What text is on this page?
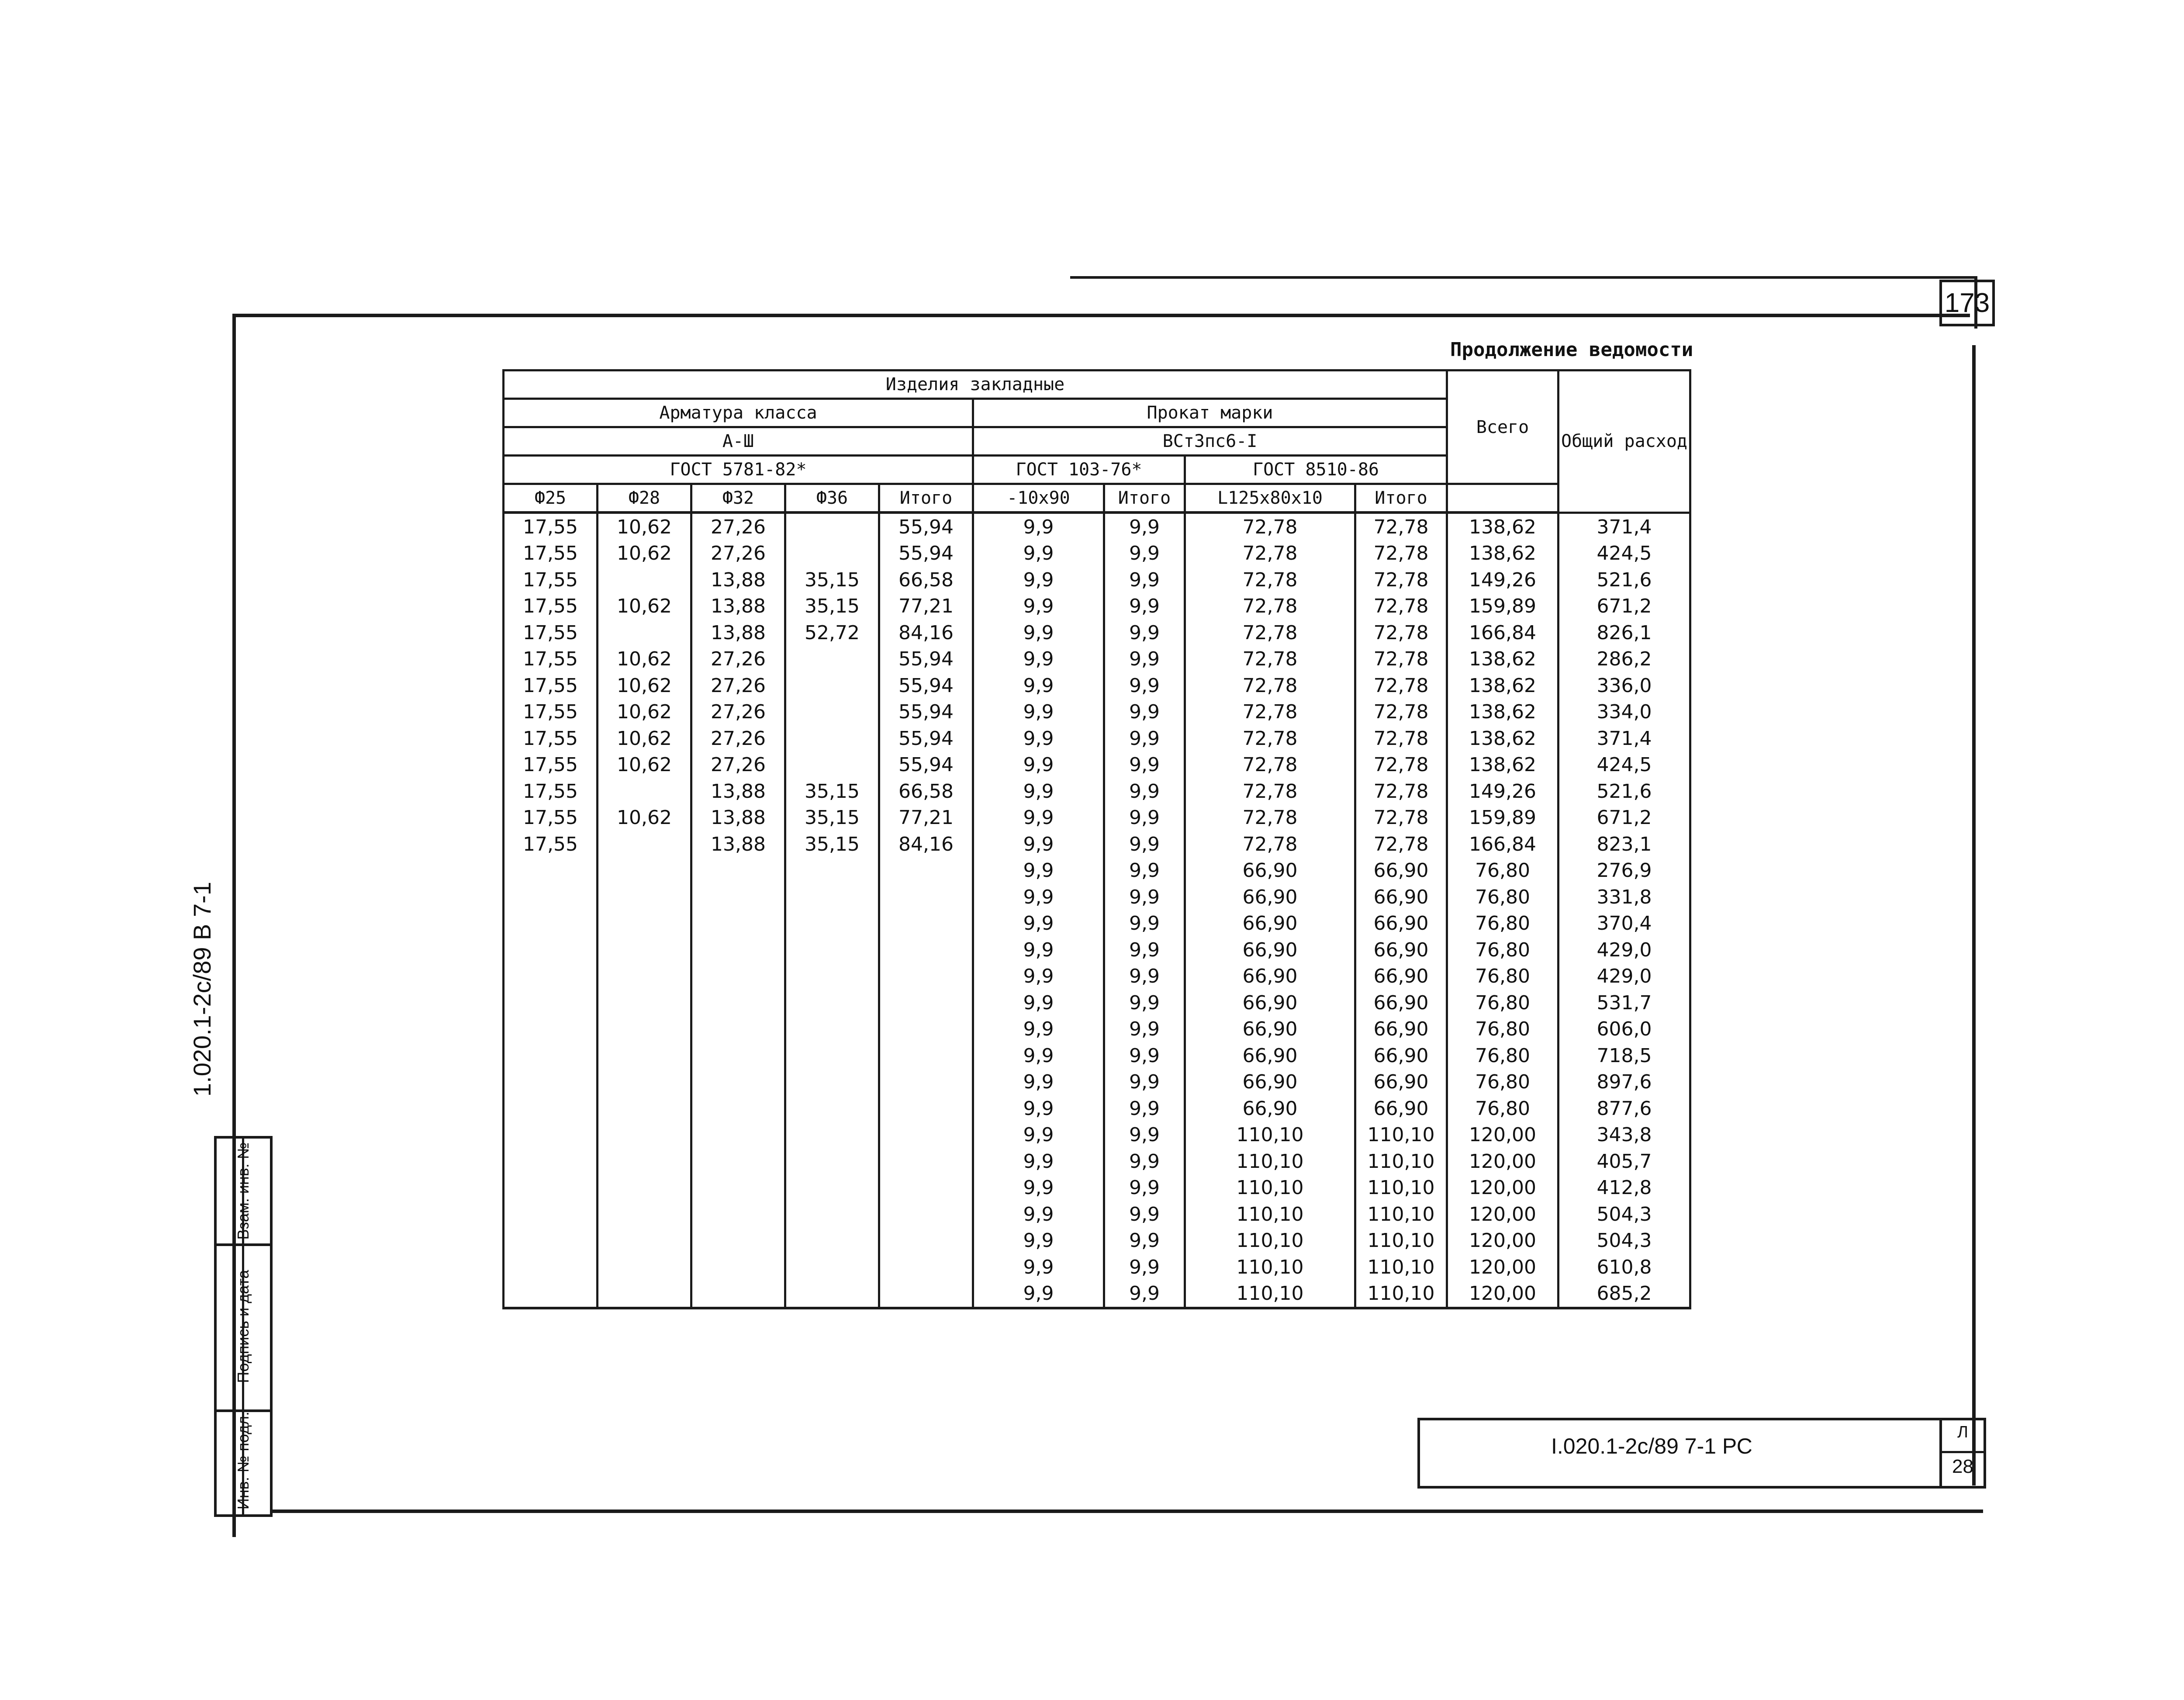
173
1.020.1-2с/89 В 7-1
Взам. инв. №
Подпись и дата
Инв. № подл.
Продолжение ведомости
Изделия закладные									Всего	Общий расход
Арматура класса					Прокат марки					
А-Ш					ВСт3пс6-I					
ГОСТ 5781-82*					ГОСТ 103-76*		ГОСТ 8510-86			
Ф25	Ф28	Ф32	Ф36	Итого	-10x90	Итого	L125x80x10	Итого		
17,55	10,62	27,26		55,94	9,9	9,9	72,78	72,78	138,62	371,4
17,55	10,62	27,26		55,94	9,9	9,9	72,78	72,78	138,62	424,5
17,55		13,88	35,15	66,58	9,9	9,9	72,78	72,78	149,26	521,6
17,55	10,62	13,88	35,15	77,21	9,9	9,9	72,78	72,78	159,89	671,2
17,55		13,88	52,72	84,16	9,9	9,9	72,78	72,78	166,84	826,1
17,55	10,62	27,26		55,94	9,9	9,9	72,78	72,78	138,62	286,2
17,55	10,62	27,26		55,94	9,9	9,9	72,78	72,78	138,62	336,0
17,55	10,62	27,26		55,94	9,9	9,9	72,78	72,78	138,62	334,0
17,55	10,62	27,26		55,94	9,9	9,9	72,78	72,78	138,62	371,4
17,55	10,62	27,26		55,94	9,9	9,9	72,78	72,78	138,62	424,5
17,55		13,88	35,15	66,58	9,9	9,9	72,78	72,78	149,26	521,6
17,55	10,62	13,88	35,15	77,21	9,9	9,9	72,78	72,78	159,89	671,2
17,55		13,88	35,15	84,16	9,9	9,9	72,78	72,78	166,84	823,1
					9,9	9,9	66,90	66,90	76,80	276,9
					9,9	9,9	66,90	66,90	76,80	331,8
					9,9	9,9	66,90	66,90	76,80	370,4
					9,9	9,9	66,90	66,90	76,80	429,0
					9,9	9,9	66,90	66,90	76,80	429,0
					9,9	9,9	66,90	66,90	76,80	531,7
					9,9	9,9	66,90	66,90	76,80	606,0
					9,9	9,9	66,90	66,90	76,80	718,5
					9,9	9,9	66,90	66,90	76,80	897,6
					9,9	9,9	66,90	66,90	76,80	877,6
					9,9	9,9	110,10	110,10	120,00	343,8
					9,9	9,9	110,10	110,10	120,00	405,7
					9,9	9,9	110,10	110,10	120,00	412,8
					9,9	9,9	110,10	110,10	120,00	504,3
					9,9	9,9	110,10	110,10	120,00	504,3
					9,9	9,9	110,10	110,10	120,00	610,8
					9,9	9,9	110,10	110,10	120,00	685,2
I.020.1-2c/89 7-1 РС
Л
28
